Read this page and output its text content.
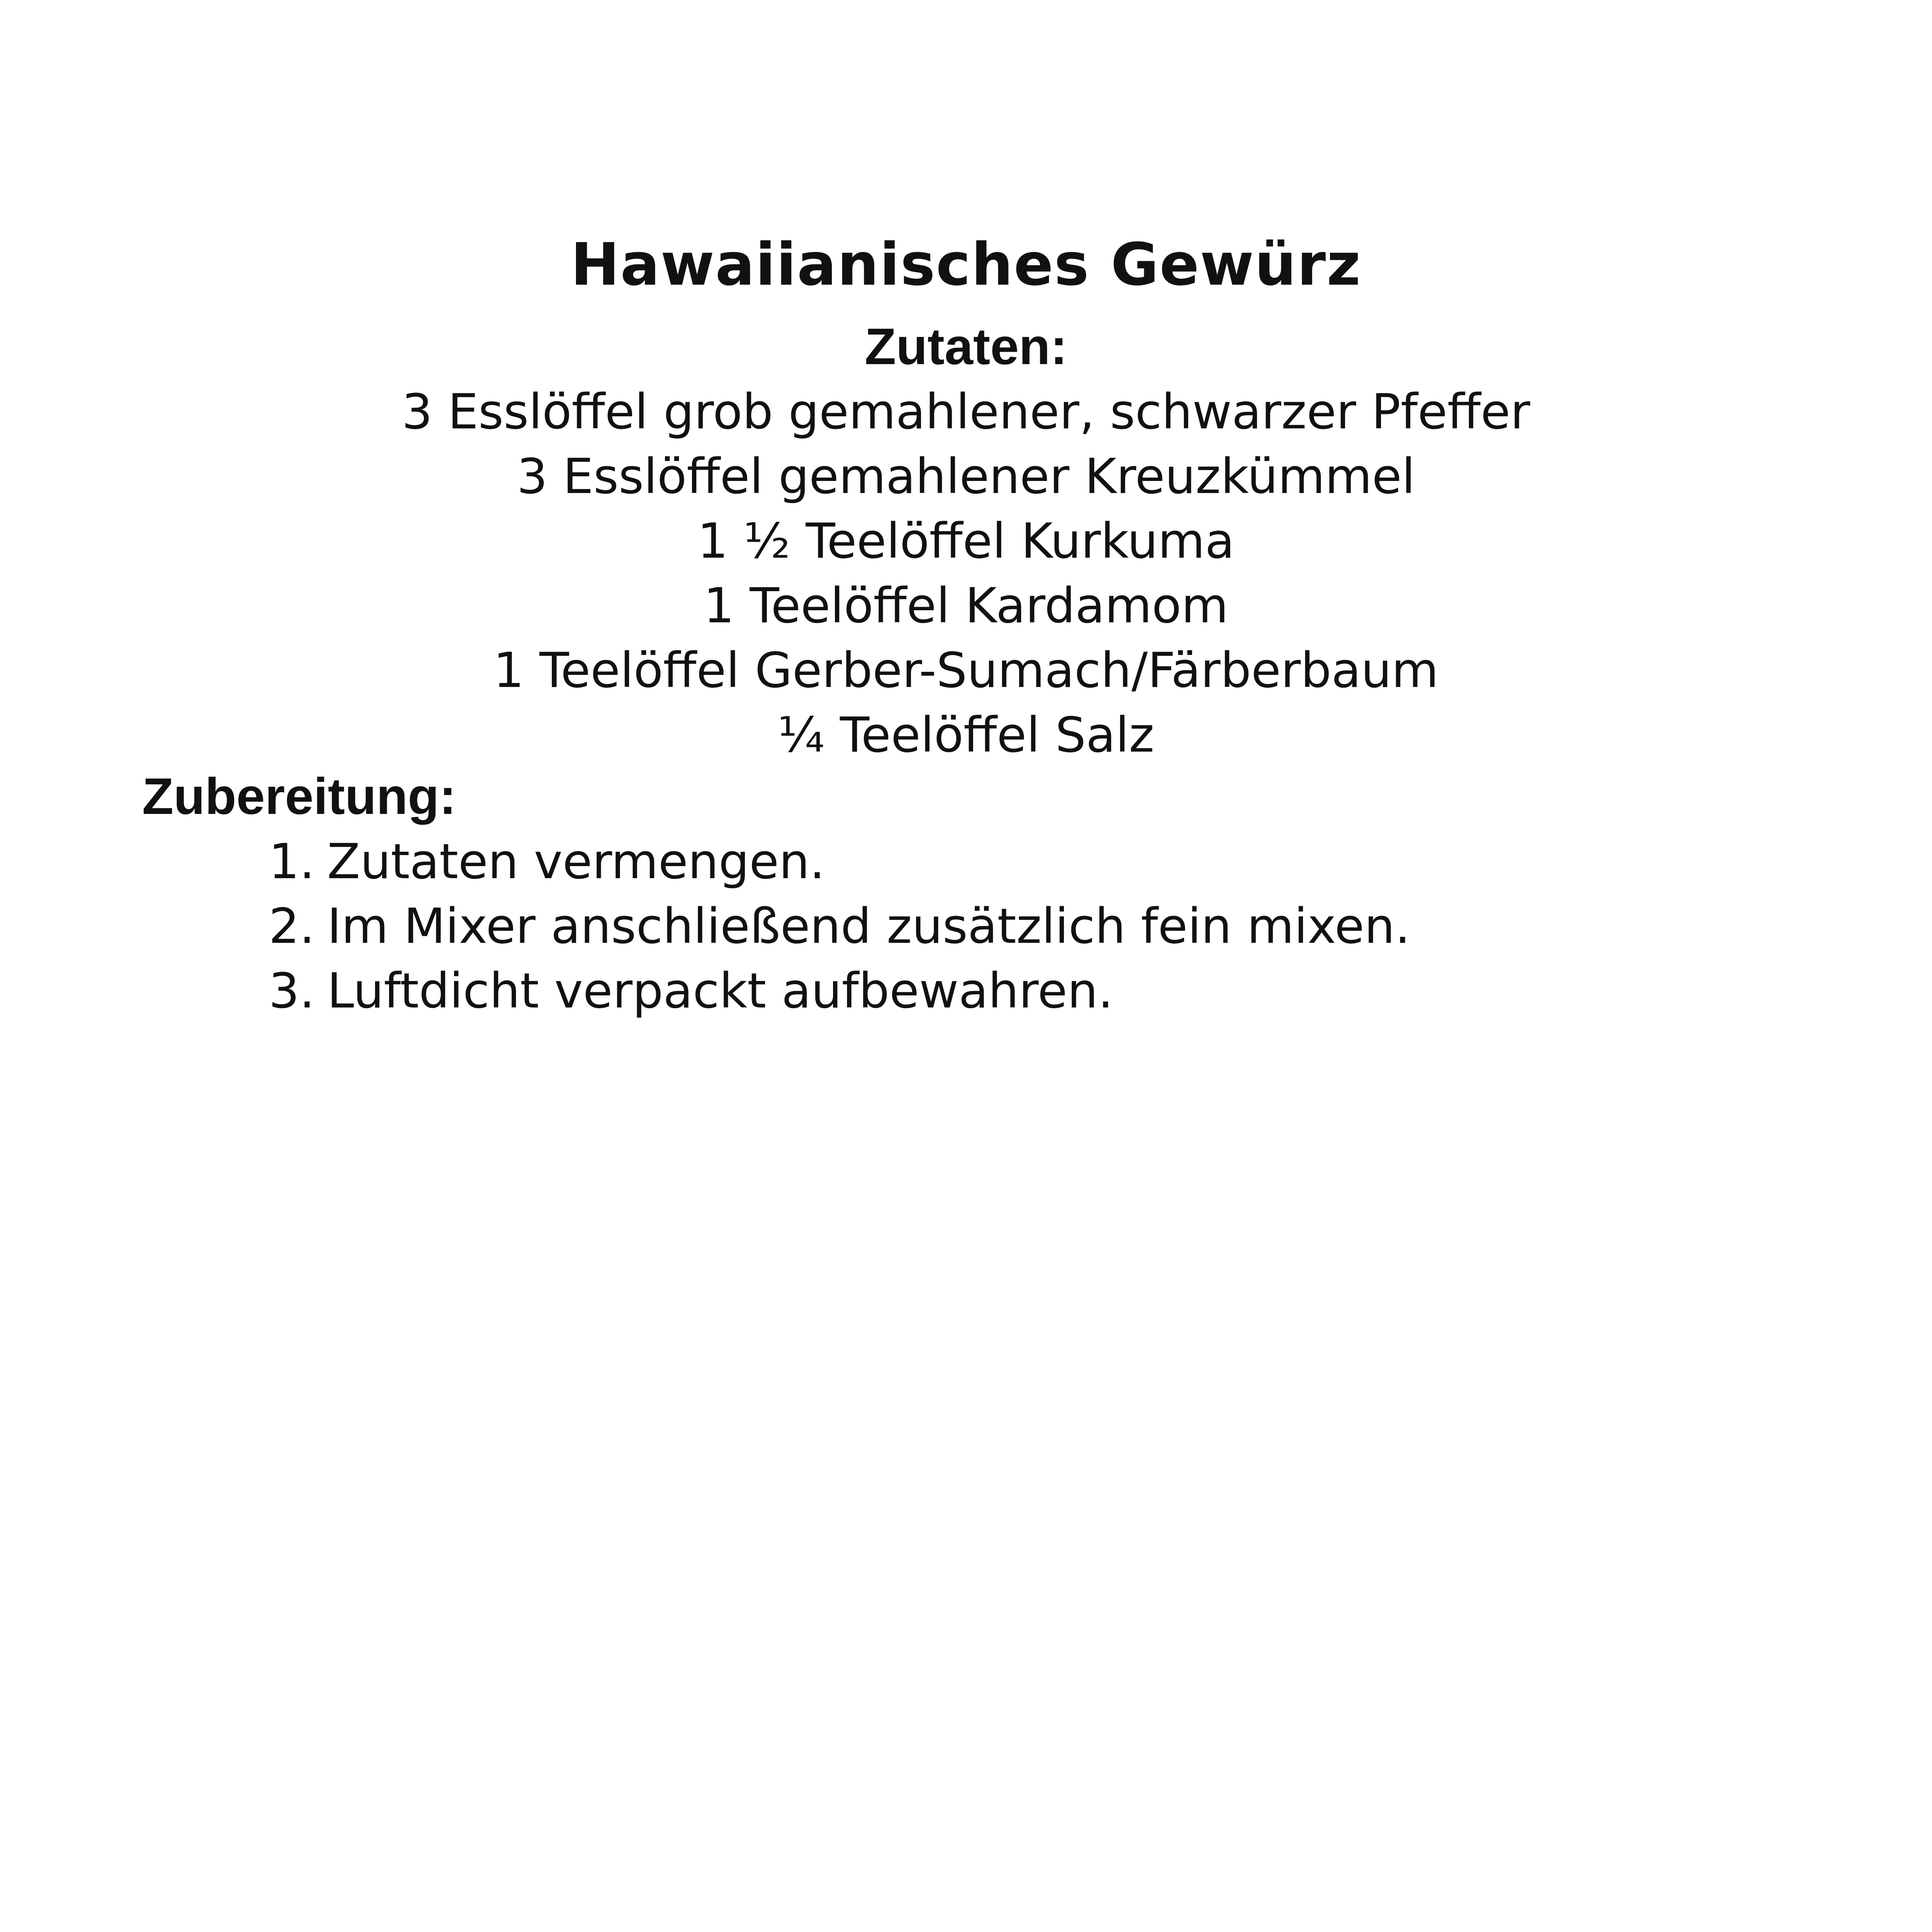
Hawaiianisches Gewürz
Zutaten:
3 Esslöffel grob gemahlener, schwarzer Pfeffer
3 Esslöffel gemahlener Kreuzkümmel
1 ½ Teelöffel Kurkuma
1 Teelöffel Kardamom
1 Teelöffel Gerber-Sumach/Färberbaum
¼ Teelöffel Salz
Zubereitung:
1. Zutaten vermengen.
2. Im Mixer anschließend zusätzlich fein mixen.
3. Luftdicht verpackt aufbewahren.
